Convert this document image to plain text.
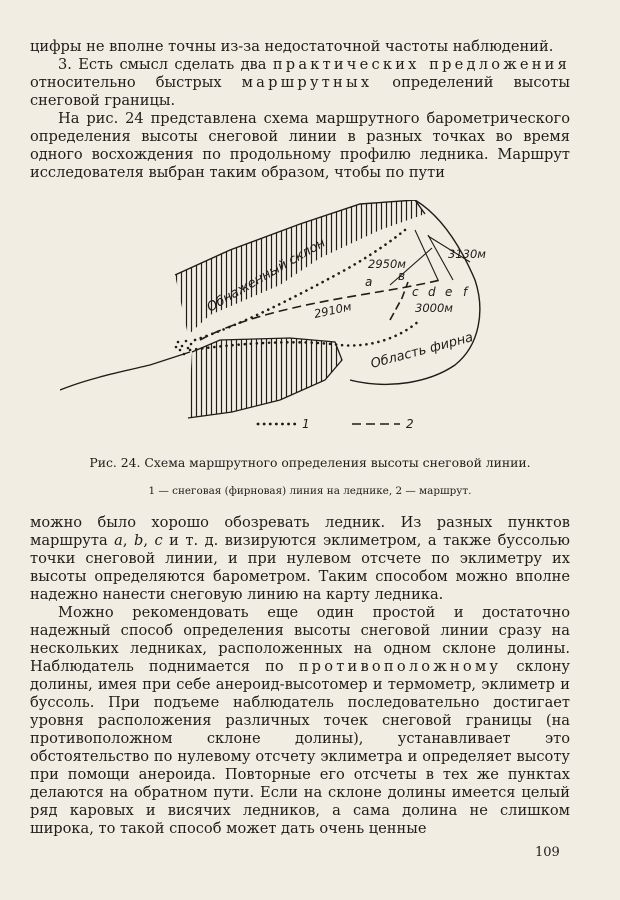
цифры не вполне точны из-за недостаточной частоты наблюдений.

3. Есть смысл сделать два практических предложения относительно быстрых маршрутных определений высоты снеговой границы.

На рис. 24 представлена схема маршрутного барометрического определения высоты снеговой линии в разных точках во время одного восхождения по продольному профилю ледника. Маршрут исследователя выбран таким образом, чтобы по пути

Обнаженный склон
Область фирна
2950м
3130м
3000м
2910м
a в
c d e f
1	2
Рис. 24. Схема маршрутного определения высоты снеговой линии.
1 — снеговая (фирновая) линия на леднике, 2 — маршрут.

можно было хорошо обозревать ледник. Из разных пунктов маршрута a, b, c и т. д. визируются эклиметром, а также буссолью точки снеговой линии, и при нулевом отсчете по эклиметру их высоты определяются барометром. Таким способом можно вполне надежно нанести снеговую линию на карту ледника.

Можно рекомендовать еще один простой и достаточно надежный способ определения высоты снеговой линии сразу на нескольких ледниках, расположенных на одном склоне долины. Наблюдатель поднимается по противоположному склону долины, имея при себе анероид-высотомер и термометр, эклиметр и буссоль. При подъеме наблюдатель последовательно достигает уровня расположения различных точек снеговой границы (на противоположном склоне долины), устанавливает это обстоятельство по нулевому отсчету эклиметра и определяет высоту при помощи анероида. Повторные его отсчеты в тех же пунктах делаются на обратном пути. Если на склоне долины имеется целый ряд каровых и висячих ледников, а сама долина не слишком широка, то такой способ может дать очень ценные

109
